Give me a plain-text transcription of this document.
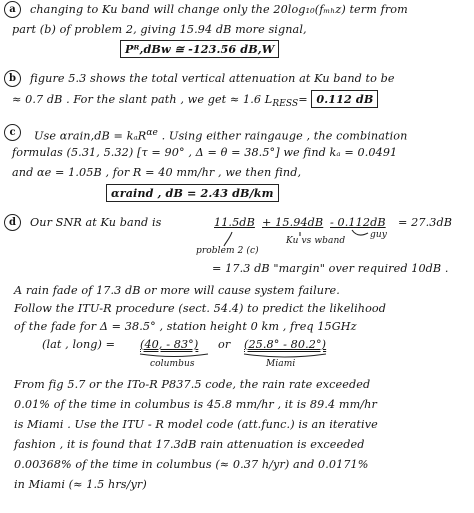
a	changing to Ku band will change only the 20log₁₀(fₘₕz) term from
part (b) of problem 2, giving 15.94 dB more signal,
Pᴿ,dBw ≅ -123.56 dB,W
b	figure 5.3 shows the total vertical attenuation at Ku band to be
≈ 0.7 dB . For the slant path , we get ≈ 1.6 $L_{RESS}= 0.112$ dB
c	Use αrain,dB = kₐR$^{\alpha e}$ . Using either raingauge , the combination
formulas (5.31, 5.32) [τ = 90° , Δ = θ = 38.5°] we find kₐ = 0.0491
and αe = 1.05B , for R = 40 mm/hr , we then find,
αraind , dB = 2.43 dB/km
d	Our SNR at Ku band is	11.5dB + 15.94dB - 0.112dB = 27.3dB
problem 2 (c)
Ku vs wband
guy
= 17.3 dB "margin" over required 10dB .
A rain fade of 17.3 dB or more will cause system failure.
Follow the ITU-R procedure (sect. 54.4) to predict the likelihood
of the fade for Δ = 38.5° , station height 0 km , freq 15GHz
(lat , long) = (40, - 83°) or (25.8° - 80.2°)
columbus	Miami
From fig 5.7 or the ITo-R P837.5 code, the rain rate exceeded
0.01% of the time in columbus is 45.8 mm/hr , it is 89.4 mm/hr
is Miami . Use the ITU - R model code (att.func.) is an iterative
fashion , it is found that 17.3dB rain attenuation is exceeded
0.00368% of the time in columbus (≈ 0.37 h/yr) and 0.0171%
in Miami (≈ 1.5 hrs/yr)
